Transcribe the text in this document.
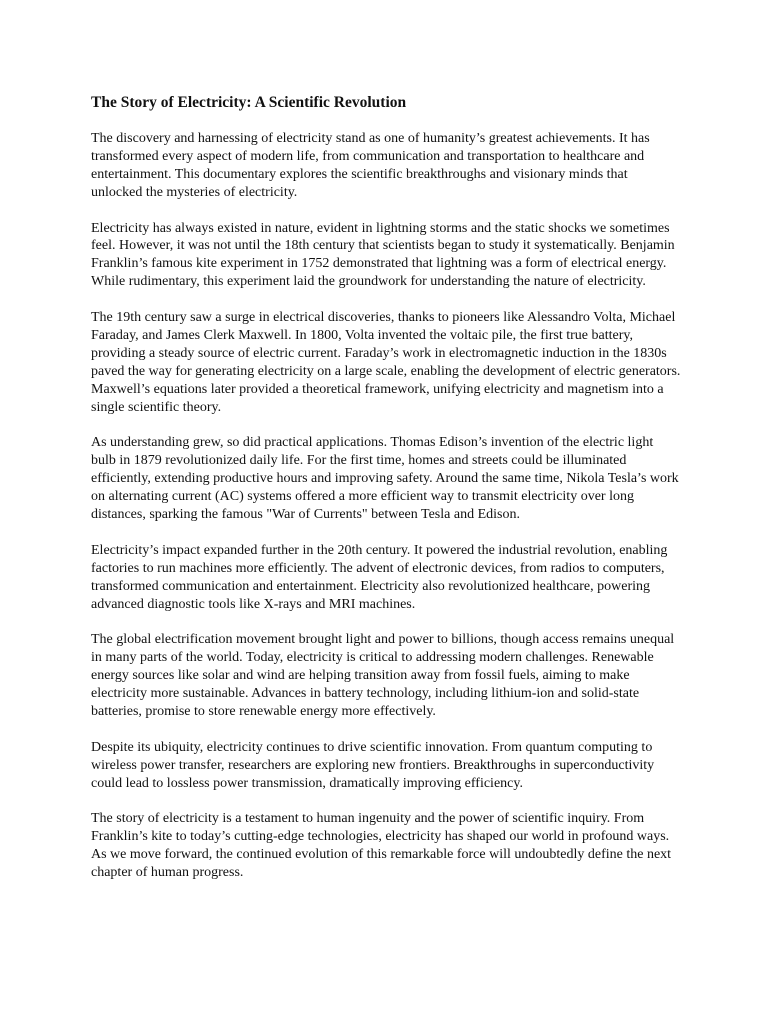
The Story of Electricity: A Scientific Revolution

The discovery and harnessing of electricity stand as one of humanity’s greatest achievements. It has transformed every aspect of modern life, from communication and transportation to healthcare and entertainment. This documentary explores the scientific breakthroughs and visionary minds that unlocked the mysteries of electricity.

Electricity has always existed in nature, evident in lightning storms and the static shocks we sometimes feel. However, it was not until the 18th century that scientists began to study it systematically. Benjamin Franklin’s famous kite experiment in 1752 demonstrated that lightning was a form of electrical energy. While rudimentary, this experiment laid the groundwork for understanding the nature of electricity.

The 19th century saw a surge in electrical discoveries, thanks to pioneers like Alessandro Volta, Michael Faraday, and James Clerk Maxwell. In 1800, Volta invented the voltaic pile, the first true battery, providing a steady source of electric current. Faraday’s work in electromagnetic induction in the 1830s paved the way for generating electricity on a large scale, enabling the development of electric generators. Maxwell’s equations later provided a theoretical framework, unifying electricity and magnetism into a single scientific theory.

As understanding grew, so did practical applications. Thomas Edison’s invention of the electric light bulb in 1879 revolutionized daily life. For the first time, homes and streets could be illuminated efficiently, extending productive hours and improving safety. Around the same time, Nikola Tesla’s work on alternating current (AC) systems offered a more efficient way to transmit electricity over long distances, sparking the famous "War of Currents" between Tesla and Edison.

Electricity’s impact expanded further in the 20th century. It powered the industrial revolution, enabling factories to run machines more efficiently. The advent of electronic devices, from radios to computers, transformed communication and entertainment. Electricity also revolutionized healthcare, powering advanced diagnostic tools like X-rays and MRI machines.

The global electrification movement brought light and power to billions, though access remains unequal in many parts of the world. Today, electricity is critical to addressing modern challenges. Renewable energy sources like solar and wind are helping transition away from fossil fuels, aiming to make electricity more sustainable. Advances in battery technology, including lithium-ion and solid-state batteries, promise to store renewable energy more effectively.

Despite its ubiquity, electricity continues to drive scientific innovation. From quantum computing to wireless power transfer, researchers are exploring new frontiers. Breakthroughs in superconductivity could lead to lossless power transmission, dramatically improving efficiency.

The story of electricity is a testament to human ingenuity and the power of scientific inquiry. From Franklin’s kite to today’s cutting-edge technologies, electricity has shaped our world in profound ways. As we move forward, the continued evolution of this remarkable force will undoubtedly define the next chapter of human progress.
